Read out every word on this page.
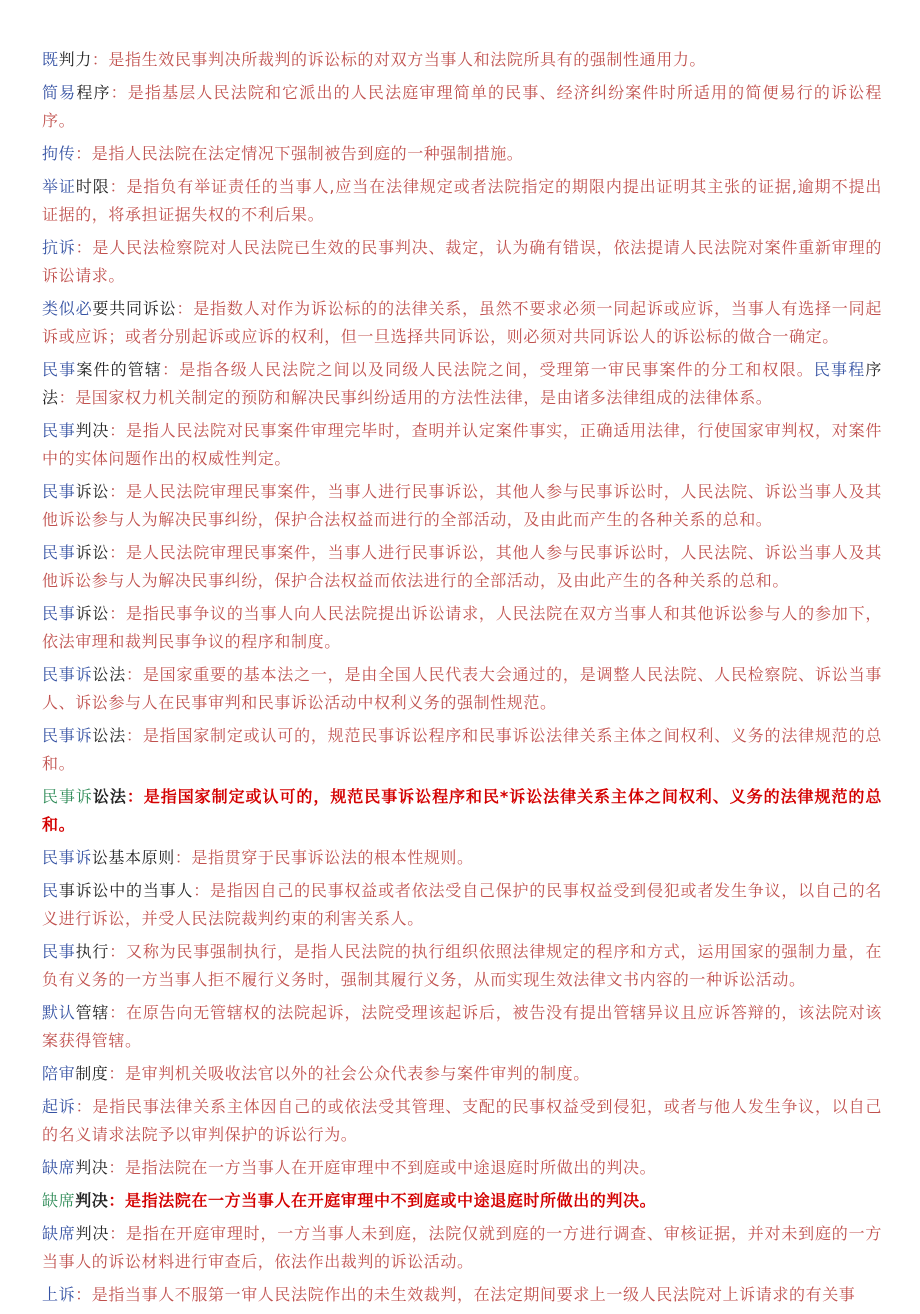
既判力：是指生效民事判决所裁判的诉讼标的对双方当事人和法院所具有的强制性通用力。
简易程序：是指基层人民法院和它派出的人民法庭审理简单的民事、经济纠纷案件时所适用的简便易行的诉讼程序。
拘传：是指人民法院在法定情况下强制被告到庭的一种强制措施。
举证时限：是指负有举证责任的当事人,应当在法律规定或者法院指定的期限内提出证明其主张的证据,逾期不提出证据的，将承担证据失权的不利后果。
抗诉：是人民法检察院对人民法院已生效的民事判决、裁定，认为确有错误，依法提请人民法院对案件重新审理的诉讼请求。
类似必要共同诉讼：是指数人对作为诉讼标的的法律关系，虽然不要求必须一同起诉或应诉，当事人有选择一同起诉或应诉；或者分别起诉或应诉的权利，但一旦选择共同诉讼，则必须对共同诉讼人的诉讼标的做合一确定。
民事案件的管辖：是指各级人民法院之间以及同级人民法院之间，受理第一审民事案件的分工和权限。民事程序法：是国家权力机关制定的预防和解决民事纠纷适用的方法性法律，是由诸多法律组成的法律体系。
民事判决：是指人民法院对民事案件审理完毕时，查明并认定案件事实，正确适用法律，行使国家审判权，对案件中的实体问题作出的权威性判定。
民事诉讼：是人民法院审理民事案件，当事人进行民事诉讼，其他人参与民事诉讼时，人民法院、诉讼当事人及其他诉讼参与人为解决民事纠纷，保护合法权益而进行的全部活动，及由此而产生的各种关系的总和。
民事诉讼：是人民法院审理民事案件，当事人进行民事诉讼，其他人参与民事诉讼时，人民法院、诉讼当事人及其他诉讼参与人为解决民事纠纷，保护合法权益而依法进行的全部活动，及由此产生的各种关系的总和。
民事诉讼：是指民事争议的当事人向人民法院提出诉讼请求，人民法院在双方当事人和其他诉讼参与人的参加下，依法审理和裁判民事争议的程序和制度。
民事诉讼法：是国家重要的基本法之一，是由全国人民代表大会通过的，是调整人民法院、人民检察院、诉讼当事人、诉讼参与人在民事审判和民事诉讼活动中权利义务的强制性规范。
民事诉讼法：是指国家制定或认可的，规范民事诉讼程序和民事诉讼法律关系主体之间权利、义务的法律规范的总和。
民事诉讼法：是指国家制定或认可的，规范民事诉讼程序和民*诉讼法律关系主体之间权利、义务的法律规范的总和。
民事诉讼基本原则：是指贯穿于民事诉讼法的根本性规则。
民事诉讼中的当事人：是指因自己的民事权益或者依法受自己保护的民事权益受到侵犯或者发生争议，以自己的名义进行诉讼，并受人民法院裁判约束的利害关系人。
民事执行：又称为民事强制执行，是指人民法院的执行组织依照法律规定的程序和方式，运用国家的强制力量，在负有义务的一方当事人拒不履行义务时，强制其履行义务，从而实现生效法律文书内容的一种诉讼活动。
默认管辖：在原告向无管辖权的法院起诉，法院受理该起诉后，被告没有提出管辖异议且应诉答辩的，该法院对该案获得管辖。
陪审制度：是审判机关吸收法官以外的社会公众代表参与案件审判的制度。
起诉：是指民事法律关系主体因自己的或依法受其管理、支配的民事权益受到侵犯，或者与他人发生争议，以自己的名义请求法院予以审判保护的诉讼行为。
缺席判决：是指法院在一方当事人在开庭审理中不到庭或中途退庭时所做出的判决。
缺席判决：是指法院在一方当事人在开庭审理中不到庭或中途退庭时所做出的判决。
缺席判决：是指在开庭审理时，一方当事人未到庭，法院仅就到庭的一方进行调查、审核证据，并对未到庭的一方当事人的诉讼材料进行审查后，依法作出裁判的诉讼活动。
上诉：是指当事人不服第一审人民法院作出的未生效裁判，在法定期间要求上一级人民法院对上诉请求的有关事
